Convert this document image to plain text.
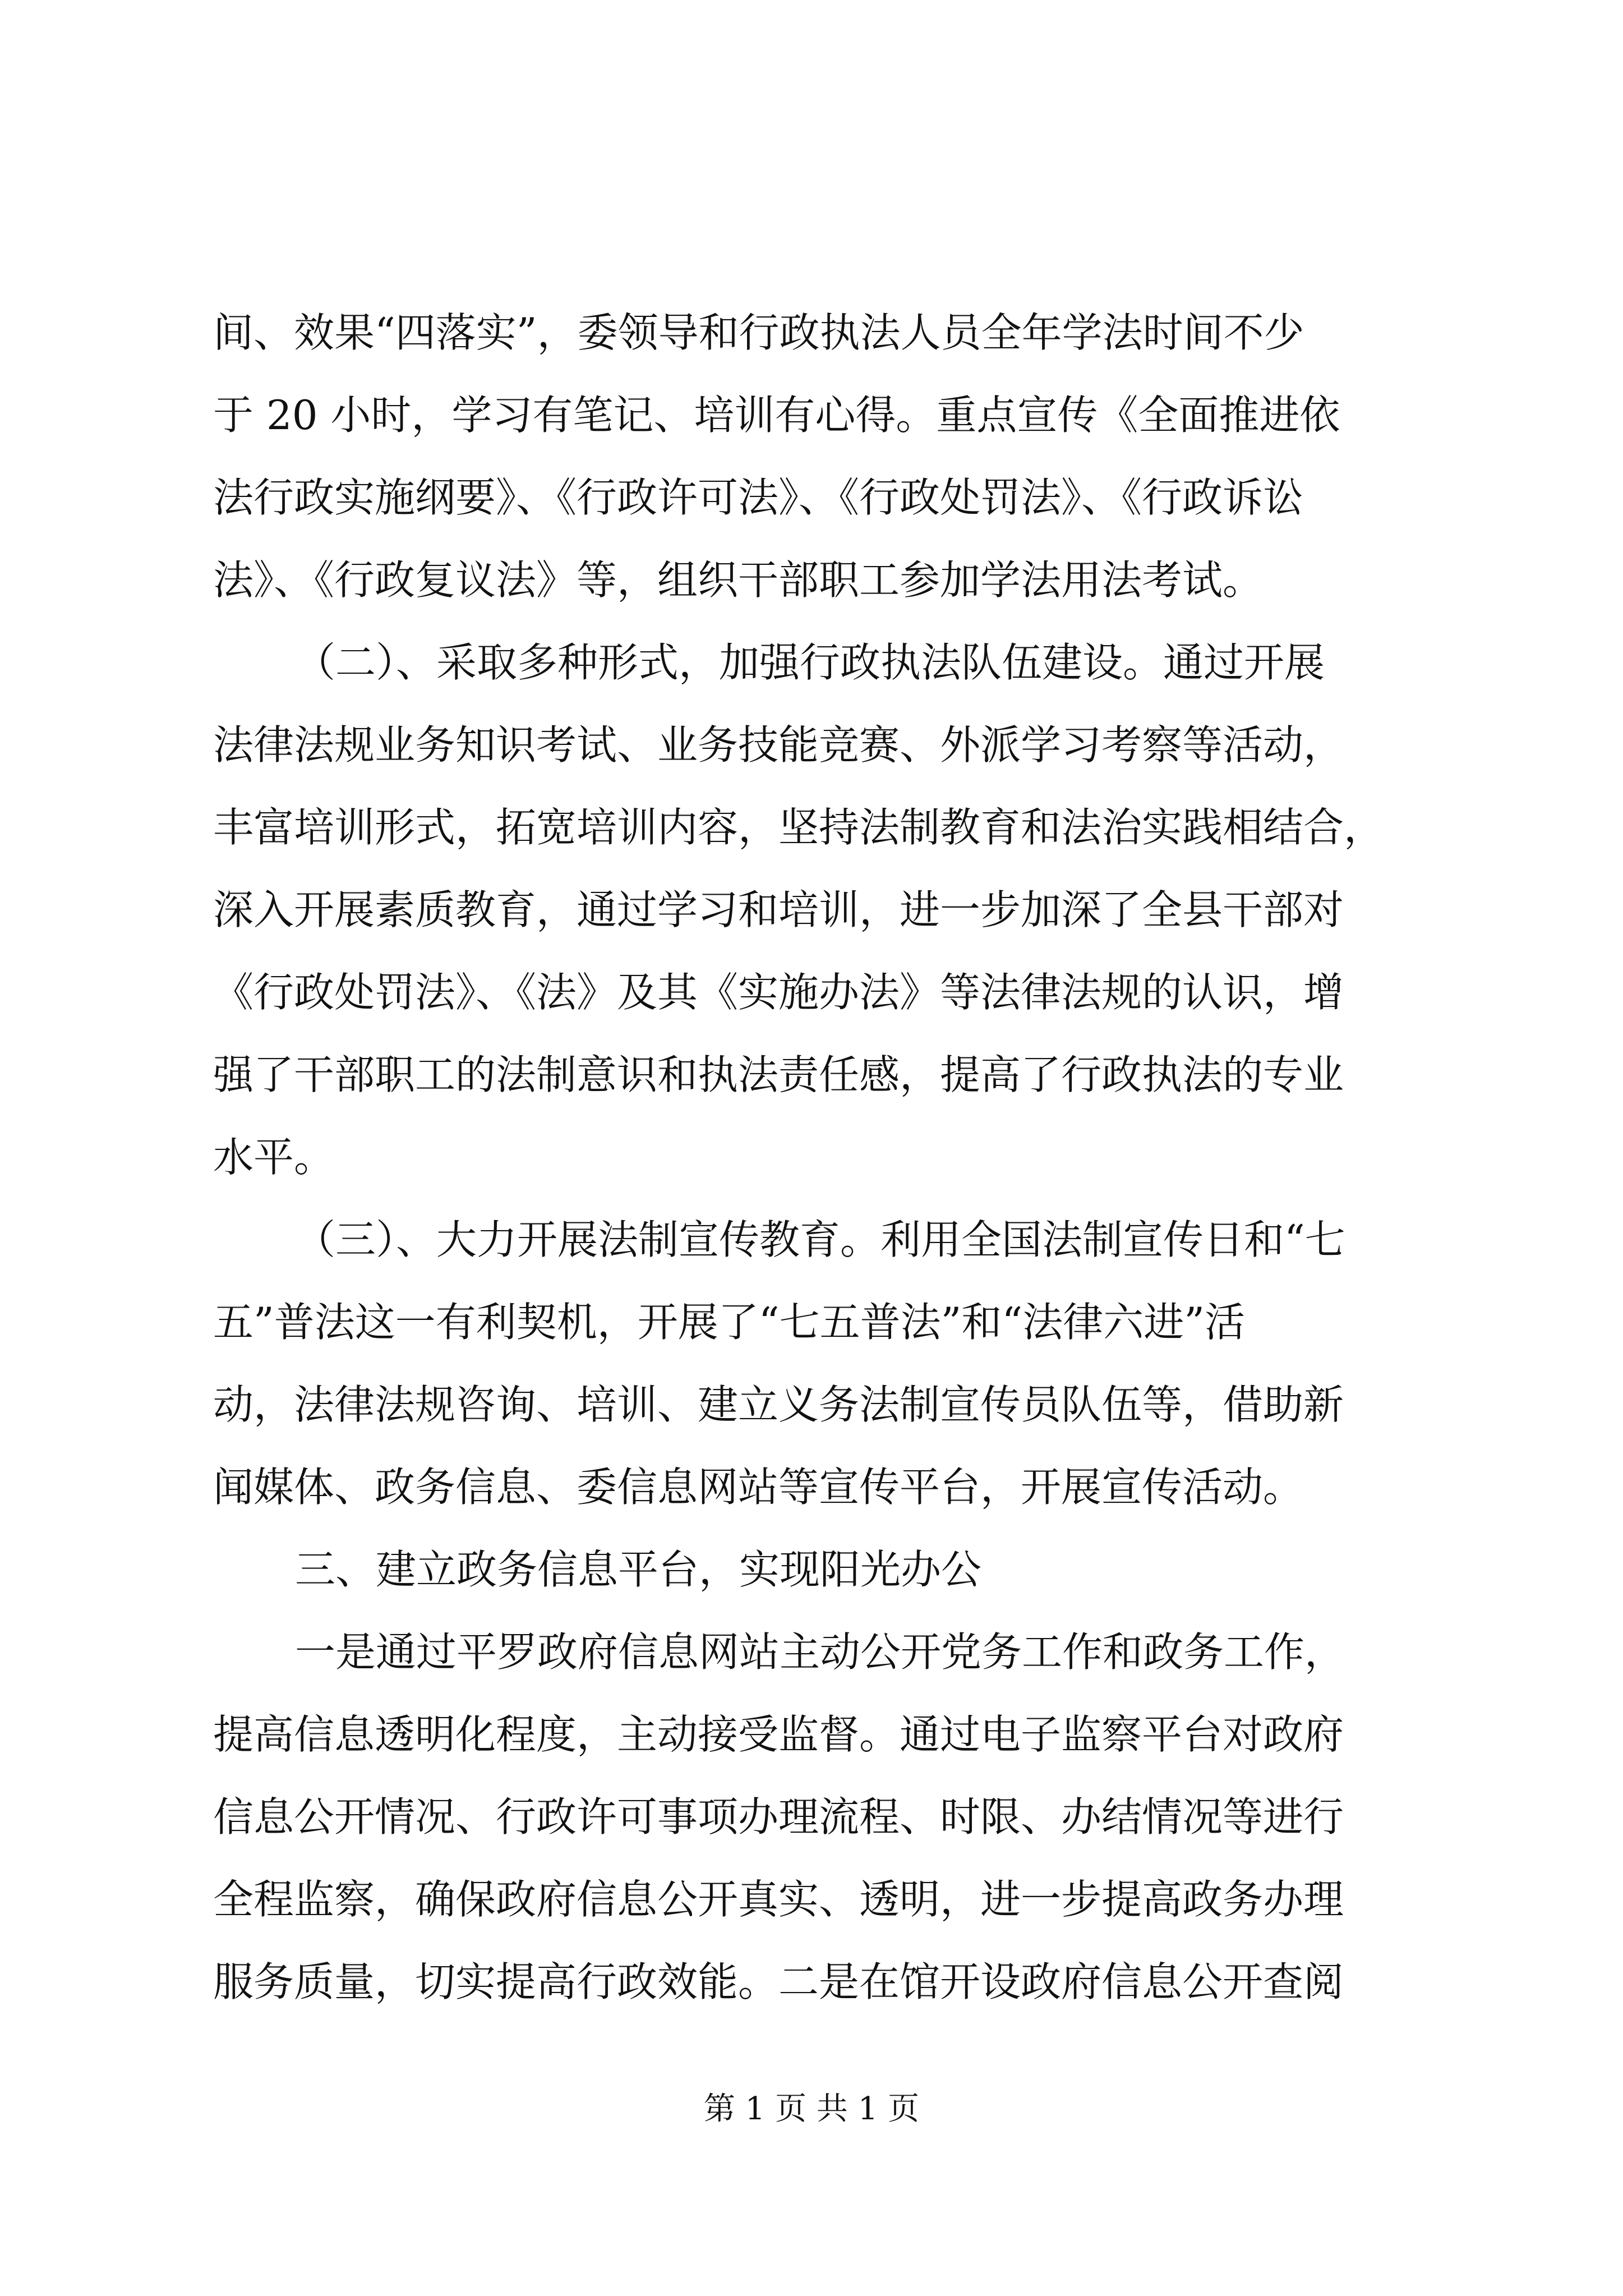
间、效果“四落实”，委领导和行政执法人员全年学法时间不少
于 20 小时，学习有笔记、培训有心得。重点宣传《全面推进依
法行政实施纲要》、《行政许可法》、《行政处罚法》、《行政诉讼
法》、《行政复议法》等，组织干部职工参加学法用法考试。
（二）、采取多种形式，加强行政执法队伍建设。通过开展
法律法规业务知识考试、业务技能竞赛、外派学习考察等活动，
丰富培训形式，拓宽培训内容，坚持法制教育和法治实践相结合，
深入开展素质教育，通过学习和培训，进一步加深了全县干部对
《行政处罚法》、《法》及其《实施办法》等法律法规的认识，增
强了干部职工的法制意识和执法责任感，提高了行政执法的专业
水平。
（三）、大力开展法制宣传教育。利用全国法制宣传日和“七
五”普法这一有利契机，开展了“七五普法”和“法律六进”活
动，法律法规咨询、培训、建立义务法制宣传员队伍等，借助新
闻媒体、政务信息、委信息网站等宣传平台，开展宣传活动。
三、建立政务信息平台，实现阳光办公
一是通过平罗政府信息网站主动公开党务工作和政务工作，
提高信息透明化程度，主动接受监督。通过电子监察平台对政府
信息公开情况、行政许可事项办理流程、时限、办结情况等进行
全程监察，确保政府信息公开真实、透明，进一步提高政务办理
服务质量，切实提高行政效能。二是在馆开设政府信息公开查阅
第 1 页 共 1 页
